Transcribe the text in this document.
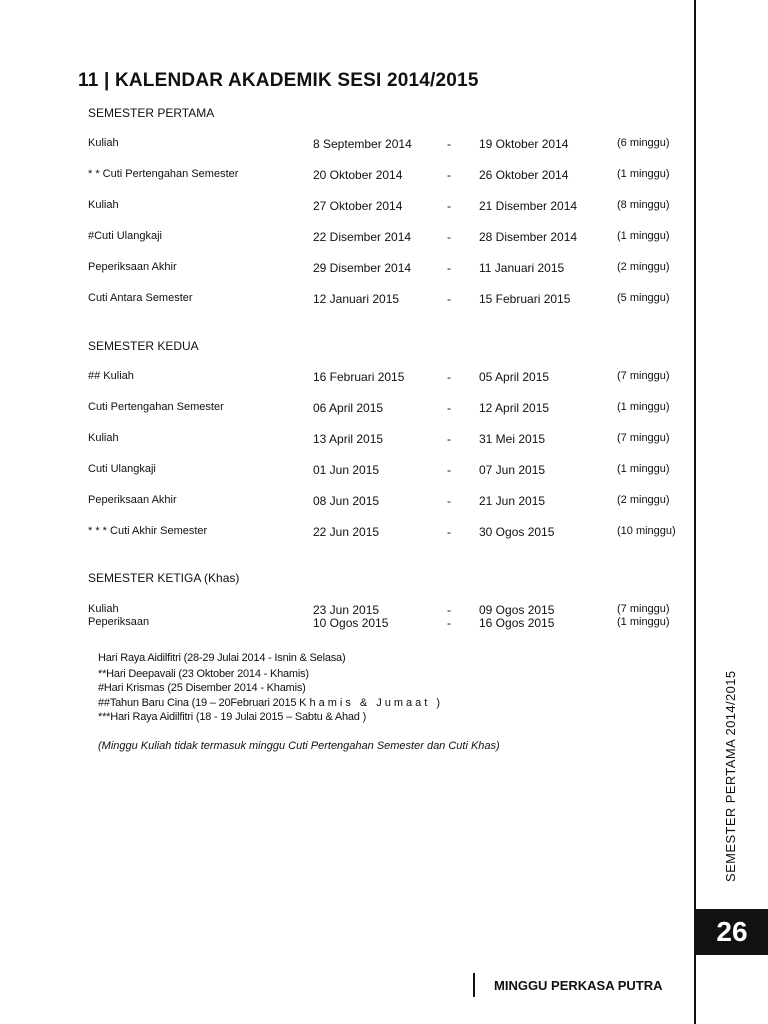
11 | KALENDAR AKADEMIK SESI 2014/2015
SEMESTER PERTAMA
Kuliah	8 September 2014	- 19 Oktober 2014	(6 minggu)
* * Cuti Pertengahan Semester	20 Oktober 2014	- 26 Oktober 2014	(1 minggu)
Kuliah	27 Oktober 2014	- 21 Disember 2014	(8 minggu)
#Cuti Ulangkaji	22 Disember 2014	- 28 Disember 2014	(1 minggu)
Peperiksaan Akhir	29 Disember 2014	- 11 Januari 2015	(2 minggu)
Cuti Antara Semester	12 Januari 2015	- 15 Februari 2015	(5 minggu)
SEMESTER KEDUA
## Kuliah	16 Februari 2015	- 05 April 2015	(7 minggu)
Cuti Pertengahan Semester	06 April 2015	- 12 April 2015	(1 minggu)
Kuliah	13 April 2015	- 31 Mei 2015	(7 minggu)
Cuti Ulangkaji	01 Jun 2015	- 07 Jun 2015	(1 minggu)
Peperiksaan Akhir	08 Jun 2015	- 21 Jun 2015	(2 minggu)
* * * Cuti Akhir Semester	22 Jun 2015	- 30 Ogos 2015	(10 minggu)
SEMESTER KETIGA (Khas)
Kuliah	23 Jun 2015	- 09 Ogos 2015	(7 minggu)
Peperiksaan	10 Ogos 2015	- 16 Ogos 2015	(1 minggu)
Hari Raya Aidilfitri (28-29 Julai 2014 - Isnin & Selasa)
**Hari Deepavali (23 Oktober 2014 - Khamis)
#Hari Krismas (25 Disember 2014 - Khamis)
##Tahun Baru Cina (19 – 20Februari 2015 Khamis & Jumaat )
***Hari Raya Aidilfitri (18 - 19 Julai 2015 – Sabtu & Ahad )
(Minggu Kuliah tidak termasuk minggu Cuti Pertengahan Semester dan Cuti Khas)	SEMESTER PERTAMA 2014/2015
26
MINGGU PERKASA PUTRA
